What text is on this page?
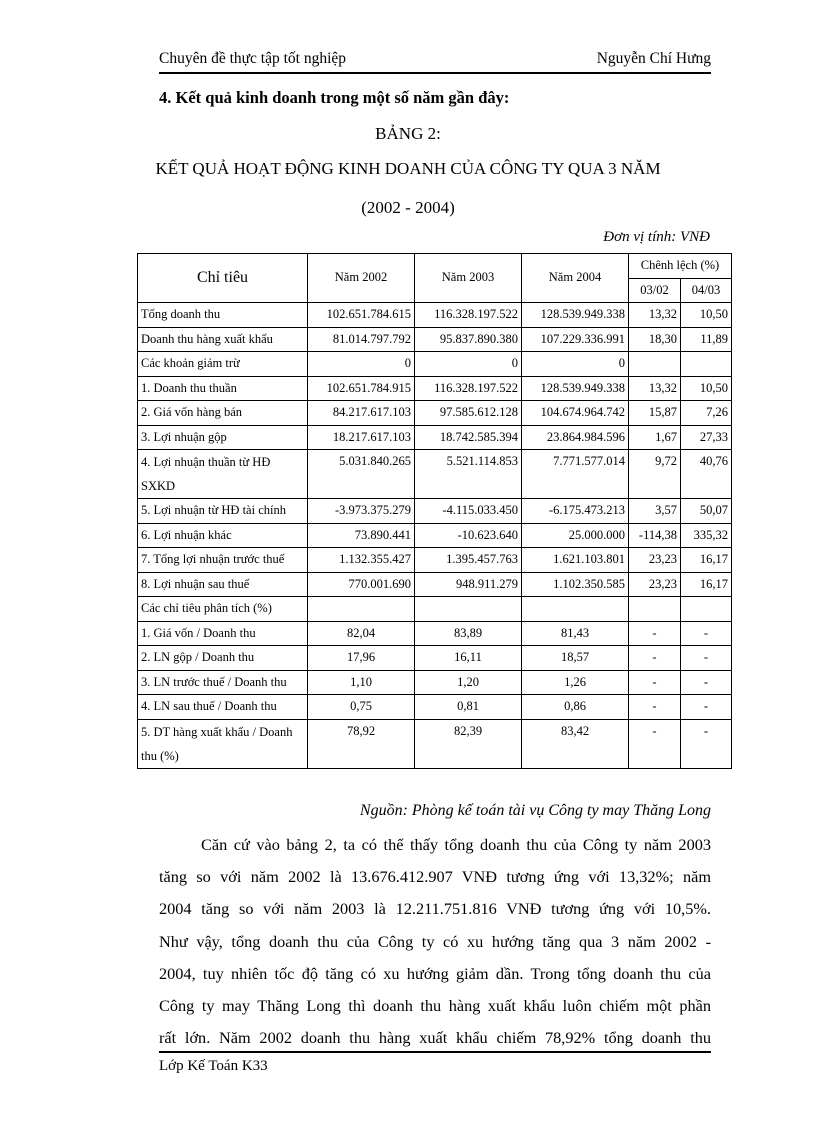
Chuyên đề thực tập tốt nghiệp	Nguyễn Chí Hưng
4. Kết quả kinh doanh trong một số năm gần đây:
BẢNG 2:
KẾT QUẢ HOẠT ĐỘNG KINH DOANH CỦA CÔNG TY QUA 3 NĂM
(2002 - 2004)
Đơn vị tính: VNĐ
Chỉ tiêu	Năm 2002	Năm 2003	Năm 2004	Chênh lệch (%)	
				03/02	04/03
Tổng doanh thu	102.651.784.615	116.328.197.522	128.539.949.338	13,32	10,50
Doanh thu hàng xuất khẩu	81.014.797.792	95.837.890.380	107.229.336.991	18,30	11,89
Các khoản giảm trừ	0	0	0		
1. Doanh thu thuần	102.651.784.915	116.328.197.522	128.539.949.338	13,32	10,50
2. Giá vốn hàng bán	84.217.617.103	97.585.612.128	104.674.964.742	15,87	7,26
3. Lợi nhuận gộp	18.217.617.103	18.742.585.394	23.864.984.596	1,67	27,33
4. Lợi nhuận thuần từ HĐ SXKD	5.031.840.265	5.521.114.853	7.771.577.014	9,72	40,76
5. Lợi nhuận từ HĐ tài chính	-3.973.375.279	-4.115.033.450	-6.175.473.213	3,57	50,07
6. Lợi nhuận khác	73.890.441	-10.623.640	25.000.000	-114,38	335,32
7. Tổng lợi nhuận trước thuế	1.132.355.427	1.395.457.763	1.621.103.801	23,23	16,17
8. Lợi nhuận sau thuế	770.001.690	948.911.279	1.102.350.585	23,23	16,17
Các chỉ tiêu phân tích (%)					
1. Giá vốn / Doanh thu	82,04	83,89	81,43	-	-
2. LN gộp / Doanh thu	17,96	16,11	18,57	-	-
3. LN trước thuế / Doanh thu	1,10	1,20	1,26	-	-
4. LN sau thuế / Doanh thu	0,75	0,81	0,86	-	-
5. DT hàng xuất khẩu / Doanh thu (%)	78,92	82,39	83,42	-	-
Nguồn: Phòng kế toán tài vụ Công ty may Thăng Long
Căn cứ vào bảng 2, ta có thể thấy tổng doanh thu của Công ty năm 2003
tăng so với năm 2002 là 13.676.412.907 VNĐ tương ứng với 13,32%; năm
2004 tăng so với năm 2003 là 12.211.751.816 VNĐ tương ứng với 10,5%.
Như vậy, tổng doanh thu của Công ty có xu hướng tăng qua 3 năm 2002 -
2004, tuy nhiên tốc độ tăng có xu hướng giảm dần. Trong tổng doanh thu của
Công ty may Thăng Long thì doanh thu hàng xuất khẩu luôn chiếm một phần
rất lớn. Năm 2002 doanh thu hàng xuất khẩu chiếm 78,92% tổng doanh thu
Lớp Kế Toán K33
